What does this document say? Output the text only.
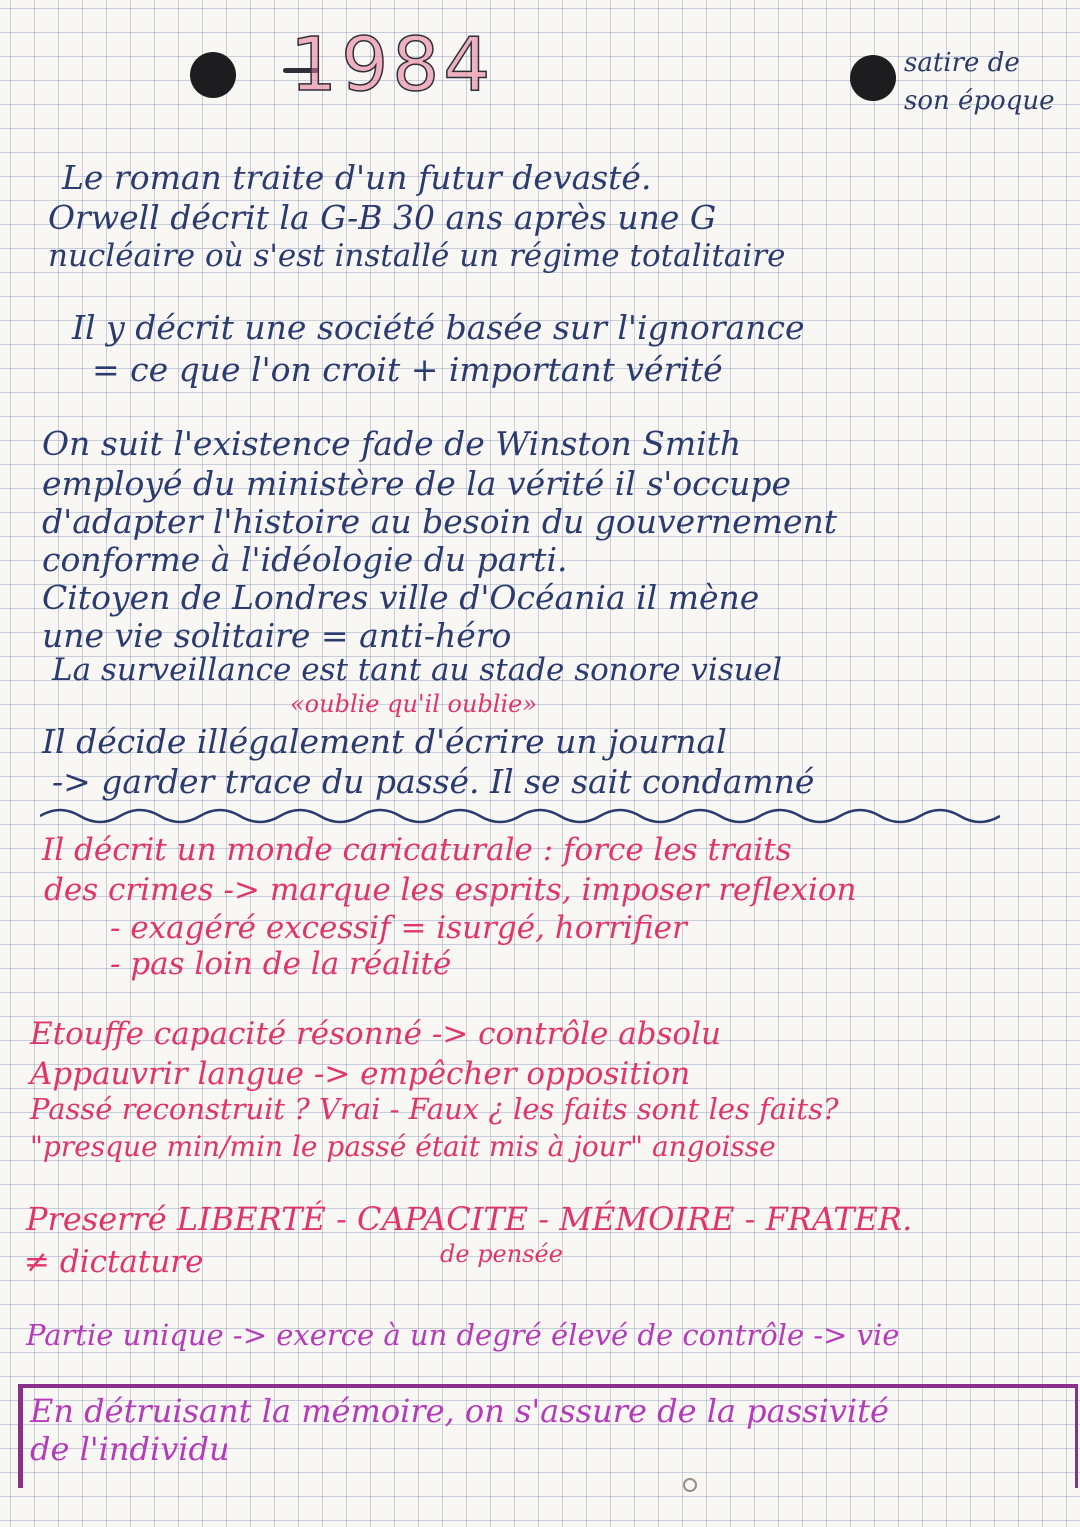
1984	satire de
son époque
Le roman traite d'un futur devasté.
Orwell décrit la G-B 30 ans après une G
nucléaire où s'est installé un régime totalitaire
Il y décrit une société basée sur l'ignorance
= ce que l'on croit + important vérité
On suit l'existence fade de Winston Smith
employé du ministère de la vérité il s'occupe
d'adapter l'histoire au besoin du gouvernement
conforme à l'idéologie du parti.
Citoyen de Londres ville d'Océania il mène
une vie solitaire = anti-héro
La surveillance est tant au stade sonore visuel
«oublie qu'il oublie»
Il décide illégalement d'écrire un journal
-> garder trace du passé. Il se sait condamné
Il décrit un monde caricaturale : force les traits
des crimes -> marque les esprits, imposer reflexion
- exagéré excessif = isurgé, horrifier
- pas loin de la réalité
Etouffe capacité résonné -> contrôle absolu
Appauvrir langue -> empêcher opposition
Passé reconstruit ? Vrai - Faux ¿ les faits sont les faits?
"presque min/min le passé était mis à jour" angoisse
Preserré LIBERTÉ - CAPACITE - MÉMOIRE - FRATER.
de pensée
≠ dictature
Partie unique -> exerce à un degré élevé de contrôle -> vie
En détruisant la mémoire, on s'assure de la passivité
de l'individu
